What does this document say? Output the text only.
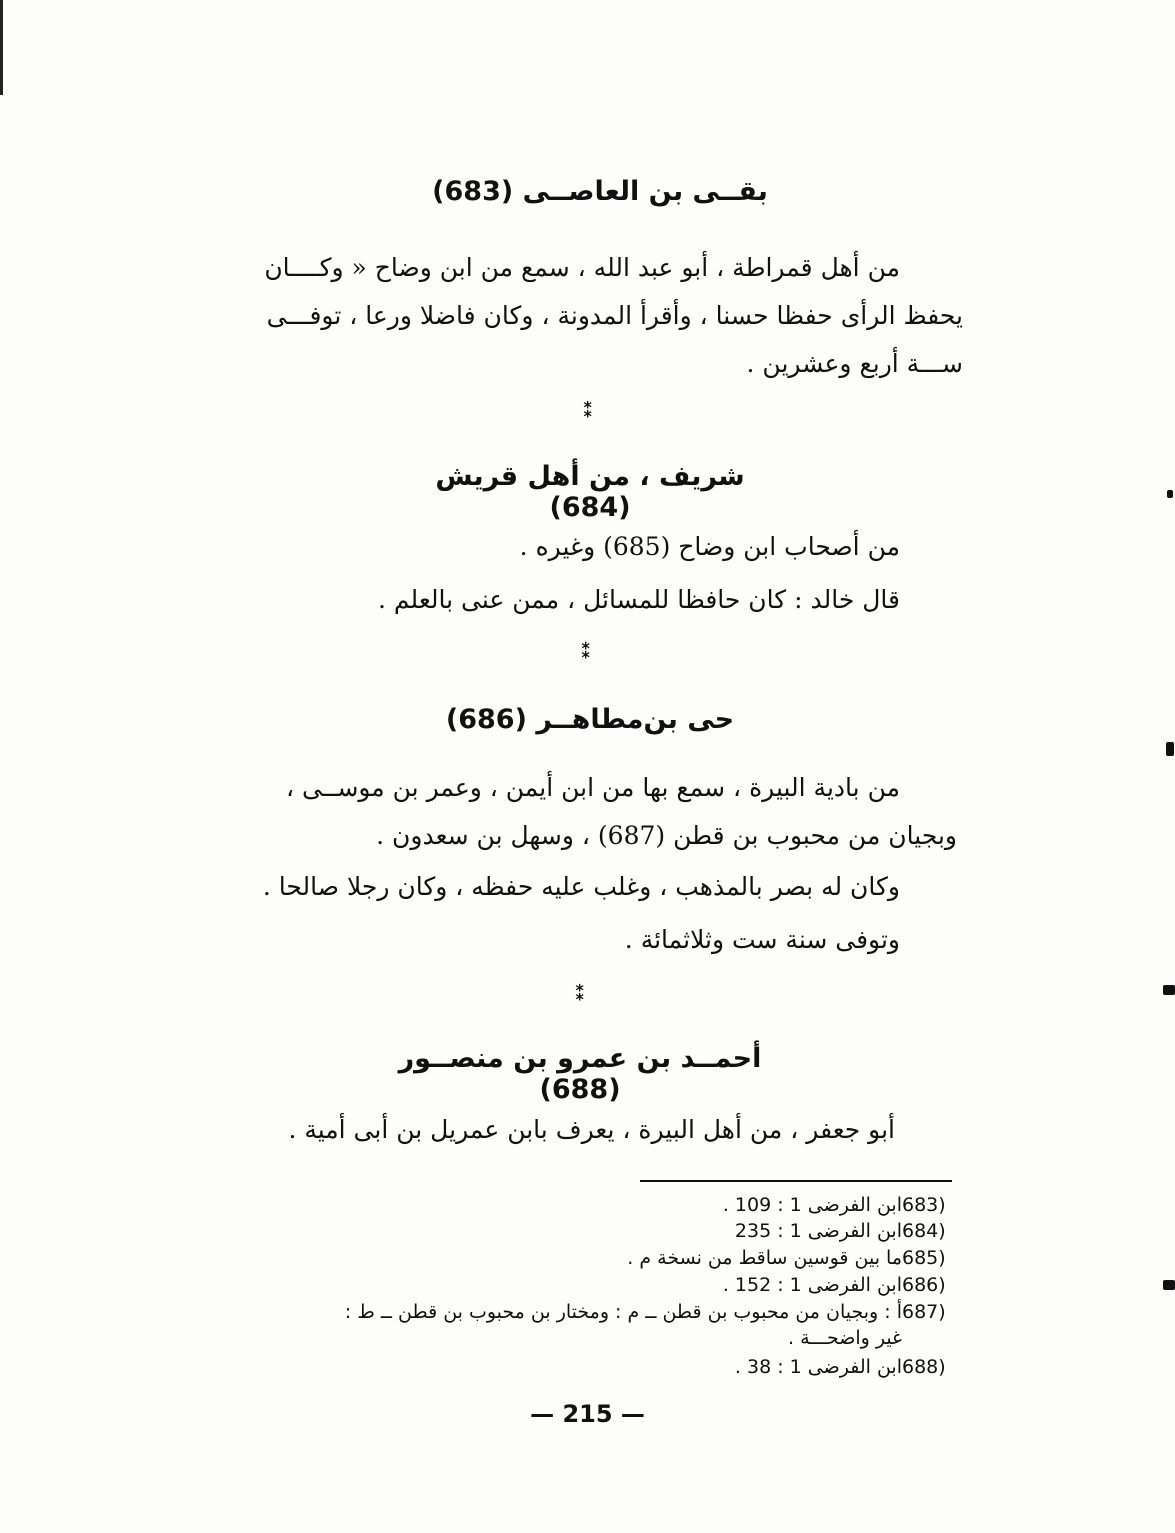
بقــى بن العاصــى (683)
من أهل قمراطة ، أبو عبد الله ، سمع من ابن وضاح « وكــــان
يحفظ الرأى حفظا حسنا ، وأقرأ المدونة ، وكان فاضلا ورعا ، توفـــى
ســـة أربع وعشرين .
⁑
شريف ، من أهل قريش (684)
من أصحاب ابن وضاح (685) وغيره .
قال خالد : كان حافظا للمسائل ، ممن عنى بالعلم .
⁑
حى بن‌مطاهــر (686)
من بادية البيرة ، سمع بها من ابن أيمن ، وعمر بن موســى ،
وبجيان من محبوب بن قطن (687) ، وسهل بن سعدون .
وكان له بصر بالمذهب ، وغلب عليه حفظه ، وكان رجلا صالحا .
وتوفى سنة ست وثلاثمائة .
⁑
أحمــد بن عمرو بن منصــور (688)
أبو جعفر ، من أهل البيرة ، يعرف بابن عمريل بن أبى أمية .
683)ابن الفرضى 1 : 109 .
684)ابن الفرضى 1 : 235
685)ما بين قوسين ساقط من نسخة م .
686)ابن الفرضى 1 : 152 .
687)أ : وبجيان من محبوب بن قطن ــ م : ومختار بن محبوب بن قطن ــ ط :
غير واضحـــة .
688)ابن الفرضى 1 : 38 .
— 215 —
